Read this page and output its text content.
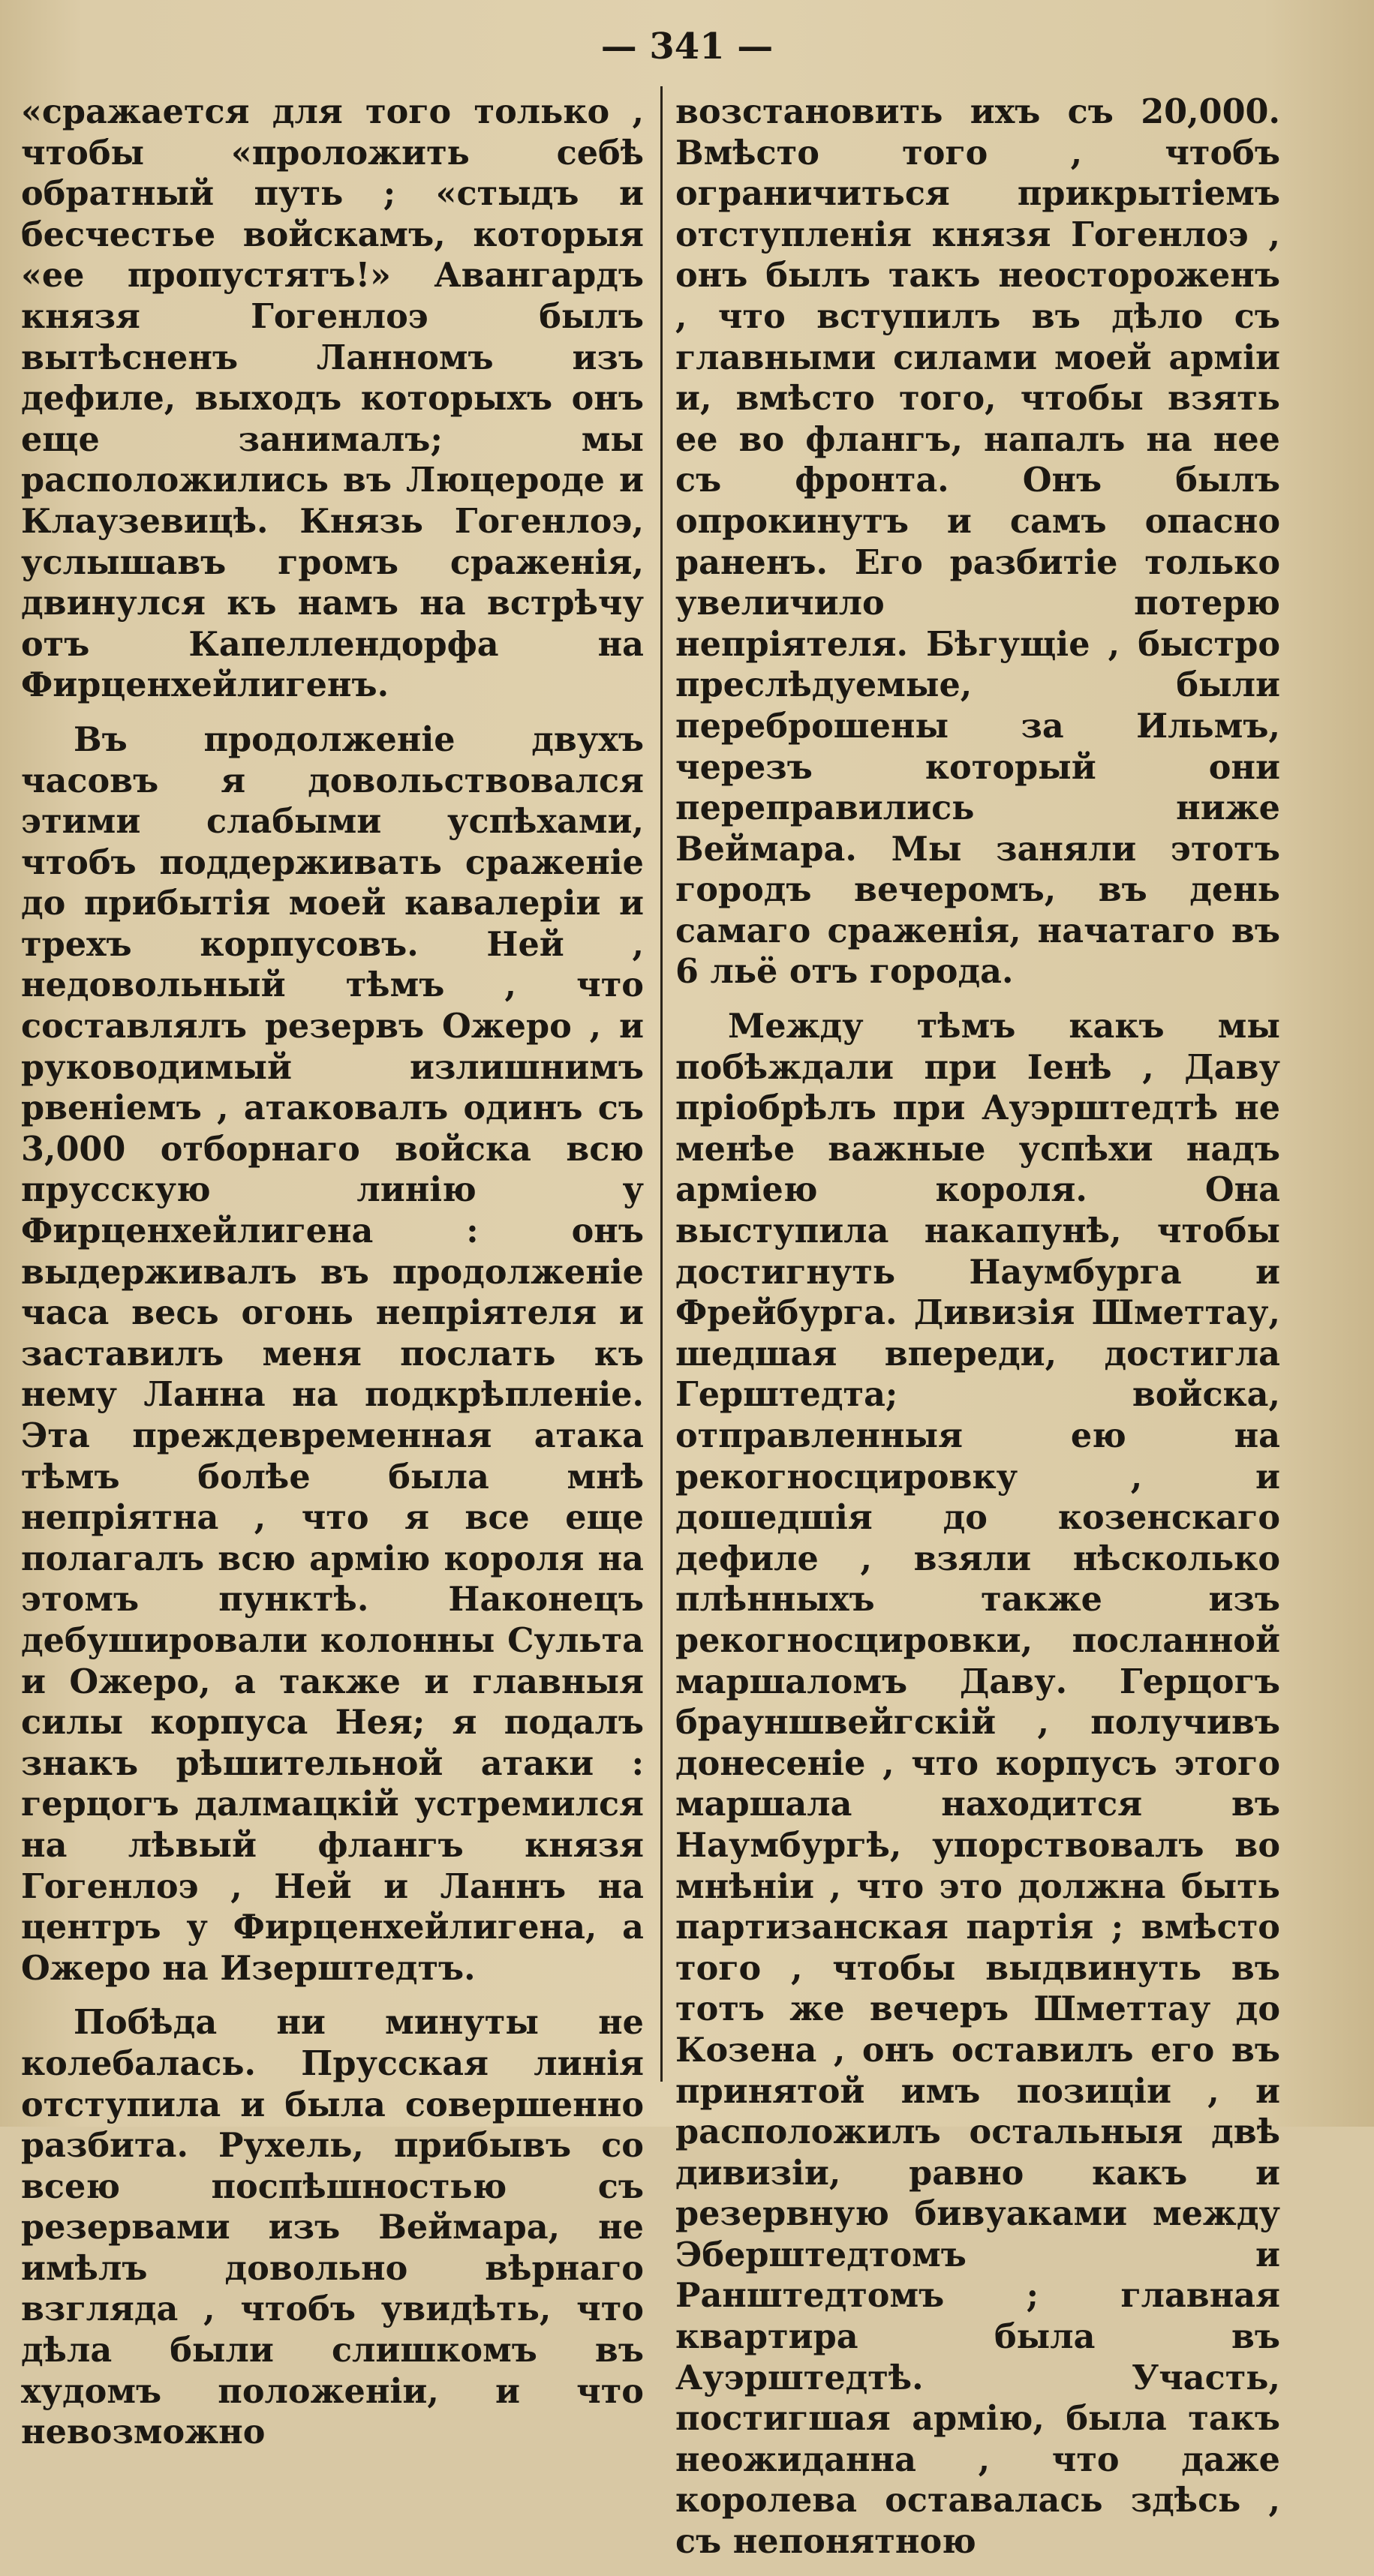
— 341 —

«сражается для того только , чтобы «проложить себѣ обратный путь ; «стыдъ и бесчестье войскамъ, которыя «ее пропустятъ!» Авангардъ князя Гогенлоэ былъ вытѣсненъ Ланномъ изъ дефиле, выходъ которыхъ онъ еще занималъ; мы расположились въ Люцероде и Клаузевицѣ. Князь Гогенлоэ, услышавъ громъ сраженія, двинулся къ намъ на встрѣчу отъ Капеллендорфа на Фирценхейлигенъ.

Въ продолженіе двухъ часовъ я довольствовался этими слабыми успѣхами, чтобъ поддерживать сраженіе до прибытія моей кавалеріи и трехъ корпусовъ. Ней , недовольный тѣмъ , что составлялъ резервъ Ожеро , и руководимый излишнимъ рвеніемъ , атаковалъ одинъ съ 3,000 отборнаго войска всю прусскую линію у Фирценхейлигена : онъ выдерживалъ въ продолженіе часа весь огонь непріятеля и заставилъ меня послать къ нему Ланна на подкрѣпленіе. Эта преждевременная атака тѣмъ болѣе была мнѣ непріятна , что я все еще полагалъ всю армію короля на этомъ пунктѣ. Наконецъ дебушировали колонны Сульта и Ожеро, а также и главныя силы корпуса Нея; я подалъ знакъ рѣшительной атаки : герцогъ далмацкій устремился на лѣвый флангъ князя Гогенлоэ , Ней и Ланнъ на центръ у Фирценхейлигена, а Ожеро на Изерштедтъ.

Побѣда ни минуты не колебалась. Прусская линія отступила и была совершенно разбита. Рухель, прибывъ со всею поспѣшностью съ резервами изъ Веймара, не имѣлъ довольно вѣрнаго взгляда , чтобъ увидѣть, что дѣла были слишкомъ въ худомъ положеніи, и что невозможно

возстановить ихъ съ 20,000. Вмѣсто того , чтобъ ограничиться прикрытіемъ отступленія князя Гогенлоэ , онъ былъ такъ неостороженъ , что вступилъ въ дѣло съ главными силами моей арміи и, вмѣсто того, чтобы взять ее во флангъ, напалъ на нее съ фронта. Онъ былъ опрокинутъ и самъ опасно раненъ. Его разбитіе только увеличило потерю непріятеля. Бѣгущіе , быстро преслѣдуемые, были переброшены за Ильмъ, черезъ который они переправились ниже Веймара. Мы заняли этотъ городъ вечеромъ, въ день самаго сраженія, начатаго въ 6 льё отъ города.

Между тѣмъ какъ мы побѣждали при Іенѣ , Даву пріобрѣлъ при Ауэрштедтѣ не менѣе важные успѣхи надъ арміею короля. Она выступила накапунѣ, чтобы достигнуть Наумбурга и Фрейбурга. Дивизія Шметтау, шедшая впереди, достигла Герштедта; войска, отправленныя ею на рекогносцировку , и дошедшія до козенскаго дефиле , взяли нѣсколько плѣнныхъ также изъ рекогносцировки, посланной маршаломъ Даву. Герцогъ брауншвейгскій , получивъ донесеніе , что корпусъ этого маршала находится въ Наумбургѣ, упорствовалъ во мнѣніи , что это должна быть партизанская партія ; вмѣсто того , чтобы выдвинуть въ тотъ же вечеръ Шметтау до Козена , онъ оставилъ его въ принятой имъ позиціи , и расположилъ остальныя двѣ дивизіи, равно какъ и резервную бивуаками между Эберштедтомъ и Ранштедтомъ ; главная квартира была въ Ауэрштедтѣ. Участь, постигшая армію, была такъ неожиданна , что даже королева оставалась здѣсь , съ непонятною
